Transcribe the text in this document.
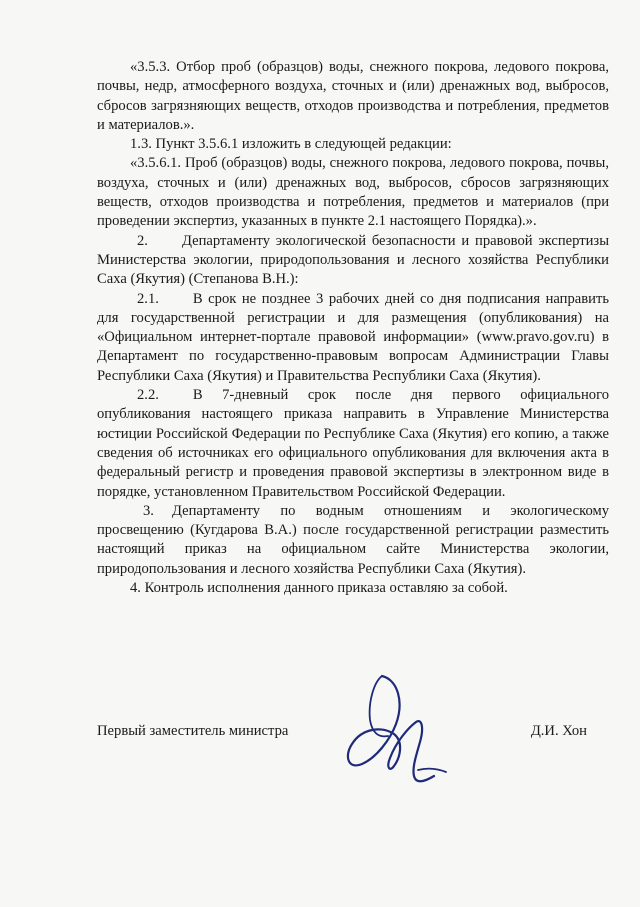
«3.5.3. Отбор проб (образцов) воды, снежного покрова, ледового покрова, почвы, недр, атмосферного воздуха, сточных и (или) дренажных вод, выбросов, сбросов загрязняющих веществ, отходов производства и потребления, предметов и материалов.».

1.3. Пункт 3.5.6.1 изложить в следующей редакции:

«3.5.6.1. Проб (образцов) воды, снежного покрова, ледового покрова, почвы, воздуха, сточных и (или) дренажных вод, выбросов, сбросов загрязняющих веществ, отходов производства и потребления, предметов и материалов (при проведении экспертиз, указанных в пункте 2.1 настоящего Порядка).».

2. Департаменту экологической безопасности и правовой экспертизы Министерства экологии, природопользования и лесного хозяйства Республики Саха (Якутия) (Степанова В.Н.):

2.1. В срок не позднее 3 рабочих дней со дня подписания направить для государственной регистрации и для размещения (опубликования) на «Официальном интернет-портале правовой информации» (www.pravo.gov.ru) в Департамент по государственно-правовым вопросам Администрации Главы Республики Саха (Якутия) и Правительства Республики Саха (Якутия).

2.2. В 7-дневный срок после дня первого официального опубликования настоящего приказа направить в Управление Министерства юстиции Российской Федерации по Республике Саха (Якутия) его копию, а также сведения об источниках его официального опубликования для включения акта в федеральный регистр и проведения правовой экспертизы в электронном виде в порядке, установленном Правительством Российской Федерации.

3. Департаменту по водным отношениям и экологическому просвещению (Кугдарова В.А.) после государственной регистрации разместить настоящий приказ на официальном сайте Министерства экологии, природопользования и лесного хозяйства Республики Саха (Якутия).

4. Контроль исполнения данного приказа оставляю за собой.

Первый заместитель министра	Д.И. Хон
